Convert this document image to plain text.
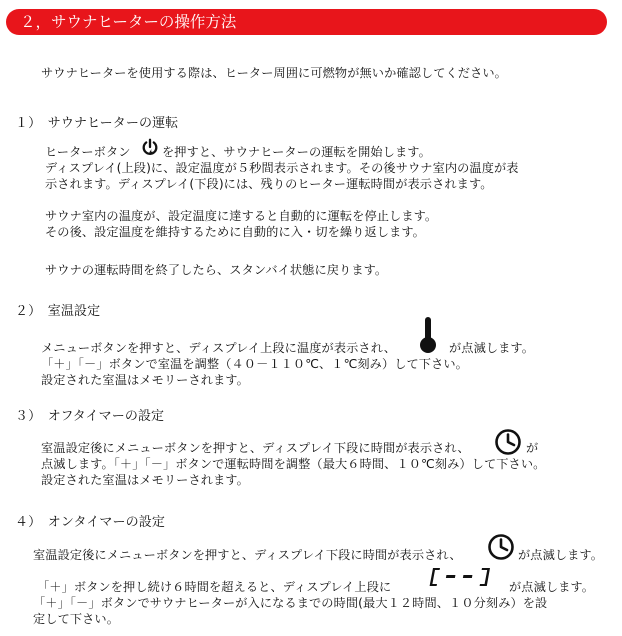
２，サウナヒーターの操作方法
サウナヒーターを使用する際は、ヒーター周囲に可燃物が無いか確認してください。
１）　サウナヒーターの運転
ヒーターボタン	を押すと、サウナヒーターの運転を開始します。
ディスプレイ(上段)に、設定温度が５秒間表示されます。その後サウナ室内の温度が表
示されます。ディスプレイ(下段)には、残りのヒーター運転時間が表示されます。
サウナ室内の温度が、設定温度に達すると自動的に運転を停止します。
その後、設定温度を維持するために自動的に入・切を繰り返します。
サウナの運転時間を終了したら、スタンバイ状態に戻ります。
２）　室温設定
メニューボタンを押すと、ディスプレイ上段に温度が表示され、	が点滅します。
「＋」「－」ボタンで室温を調整（４０－１１０℃、１℃刻み）して下さい。
設定された室温はメモリーされます。
３）　オフタイマーの設定
室温設定後にメニューボタンを押すと、ディスプレイ下段に時間が表示され、	が
点滅します。「＋」「－」ボタンで運転時間を調整（最大６時間、１０℃刻み）して下さい。
設定された室温はメモリーされます。
４）　オンタイマーの設定
室温設定後にメニューボタンを押すと、ディスプレイ下段に時間が表示され、	が点滅します。
「＋」ボタンを押し続け６時間を超えると、ディスプレイ上段に	が点滅します。
「＋」「－」ボタンでサウナヒーターが入になるまでの時間(最大１２時間、１０分刻み）を設
定して下さい。
